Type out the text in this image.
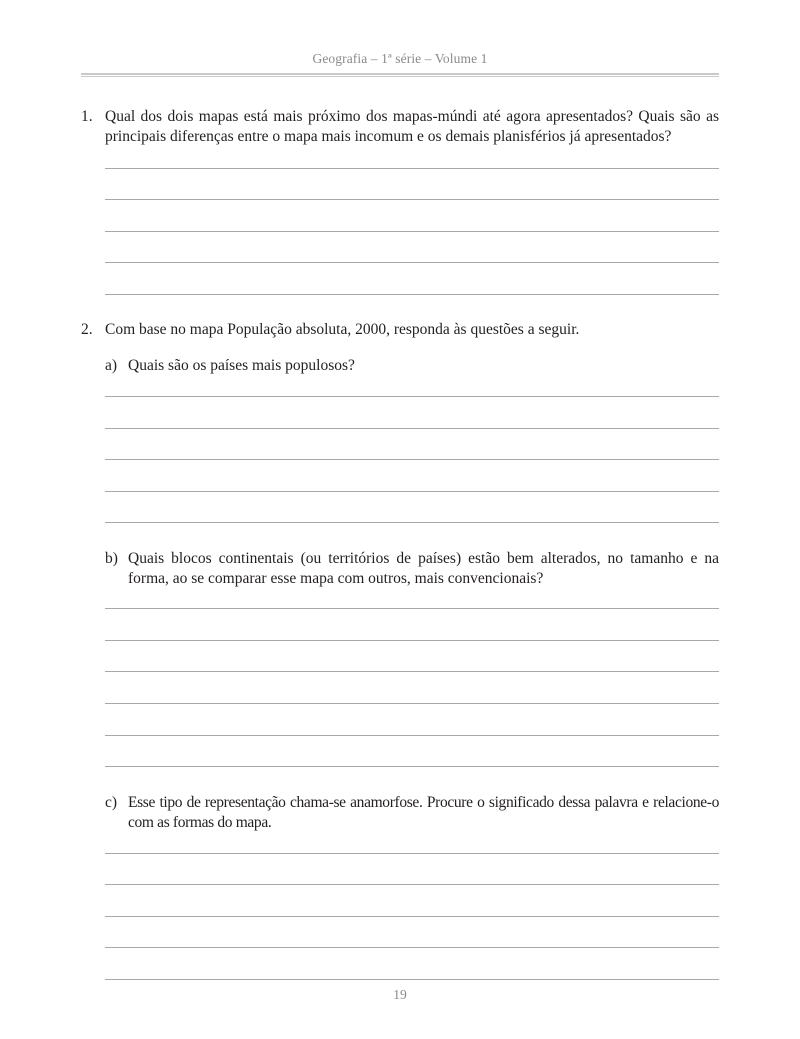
Geografia – 1ª série – Volume 1
1. Qual dos dois mapas está mais próximo dos mapas-múndi até agora apresentados? Quais são as principais diferenças entre o mapa mais incomum e os demais planisférios já apresentados?
2. Com base no mapa População absoluta, 2000, responda às questões a seguir.
a) Quais são os países mais populosos?
b) Quais blocos continentais (ou territórios de países) estão bem alterados, no tamanho e na forma, ao se comparar esse mapa com outros, mais convencionais?
c) Esse tipo de representação chama-se anamorfose. Procure o significado dessa palavra e relacione-o com as formas do mapa.
19
